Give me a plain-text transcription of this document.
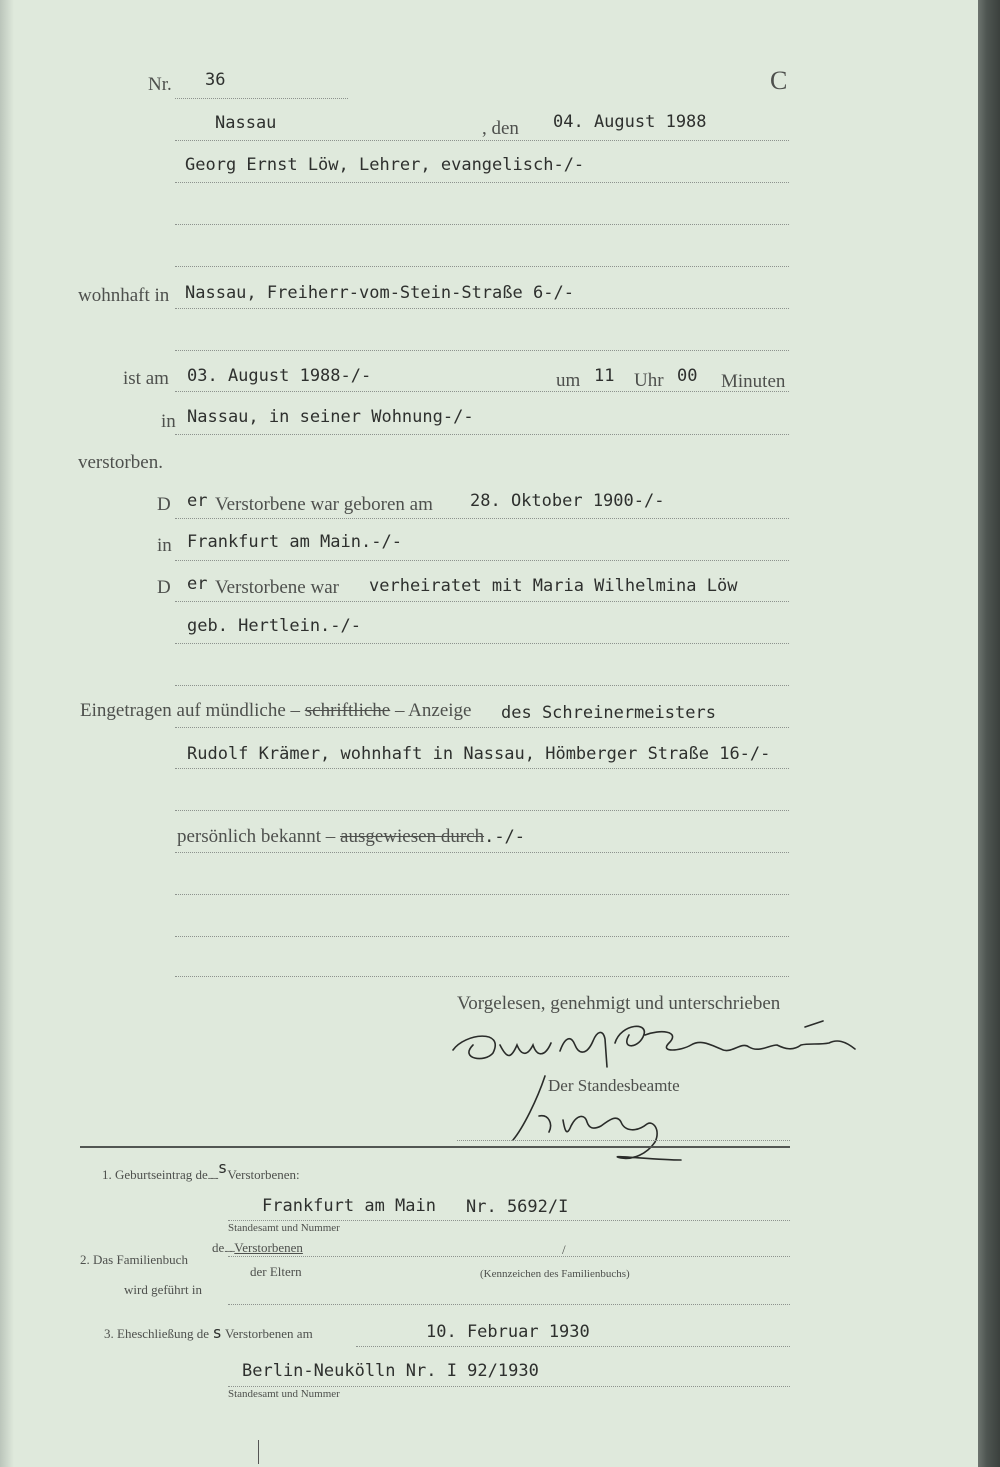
Nr. 36	C
Nassau	, den 04. August 1988
Georg Ernst Löw, Lehrer, evangelisch-/-
wohnhaft in Nassau, Freiherr-vom-Stein-Straße 6-/-
ist am 03. August 1988-/-	um 11 Uhr 00 Minuten
in Nassau, in seiner Wohnung-/-
verstorben.
D er Verstorbene war geboren am 28. Oktober 1900-/-
in Frankfurt am Main.-/-
D er Verstorbene war verheiratet mit Maria Wilhelmina Löw
geb. Hertlein.-/-
Eingetragen auf mündliche – schriftliche – Anzeige des Schreinermeisters
Rudolf Krämer, wohnhaft in Nassau, Hömberger Straße 16-/-
persönlich bekannt – ausgewiesen durch.-/-
Vorgelesen, genehmigt und unterschrieben
Der Standesbeamte
1. Geburtseintrag de........sVerstorbenen:
Frankfurt am Main Nr. 5692/I
Standesamt und Nummer
2. Das Familienbuch
de........Verstorbenen
der Eltern
/
(Kennzeichen des Familienbuchs)
wird geführt in
3. Eheschließung de s Verstorbenen am	10. Februar 1930
Berlin-Neukölln Nr. I 92/1930
Standesamt und Nummer
